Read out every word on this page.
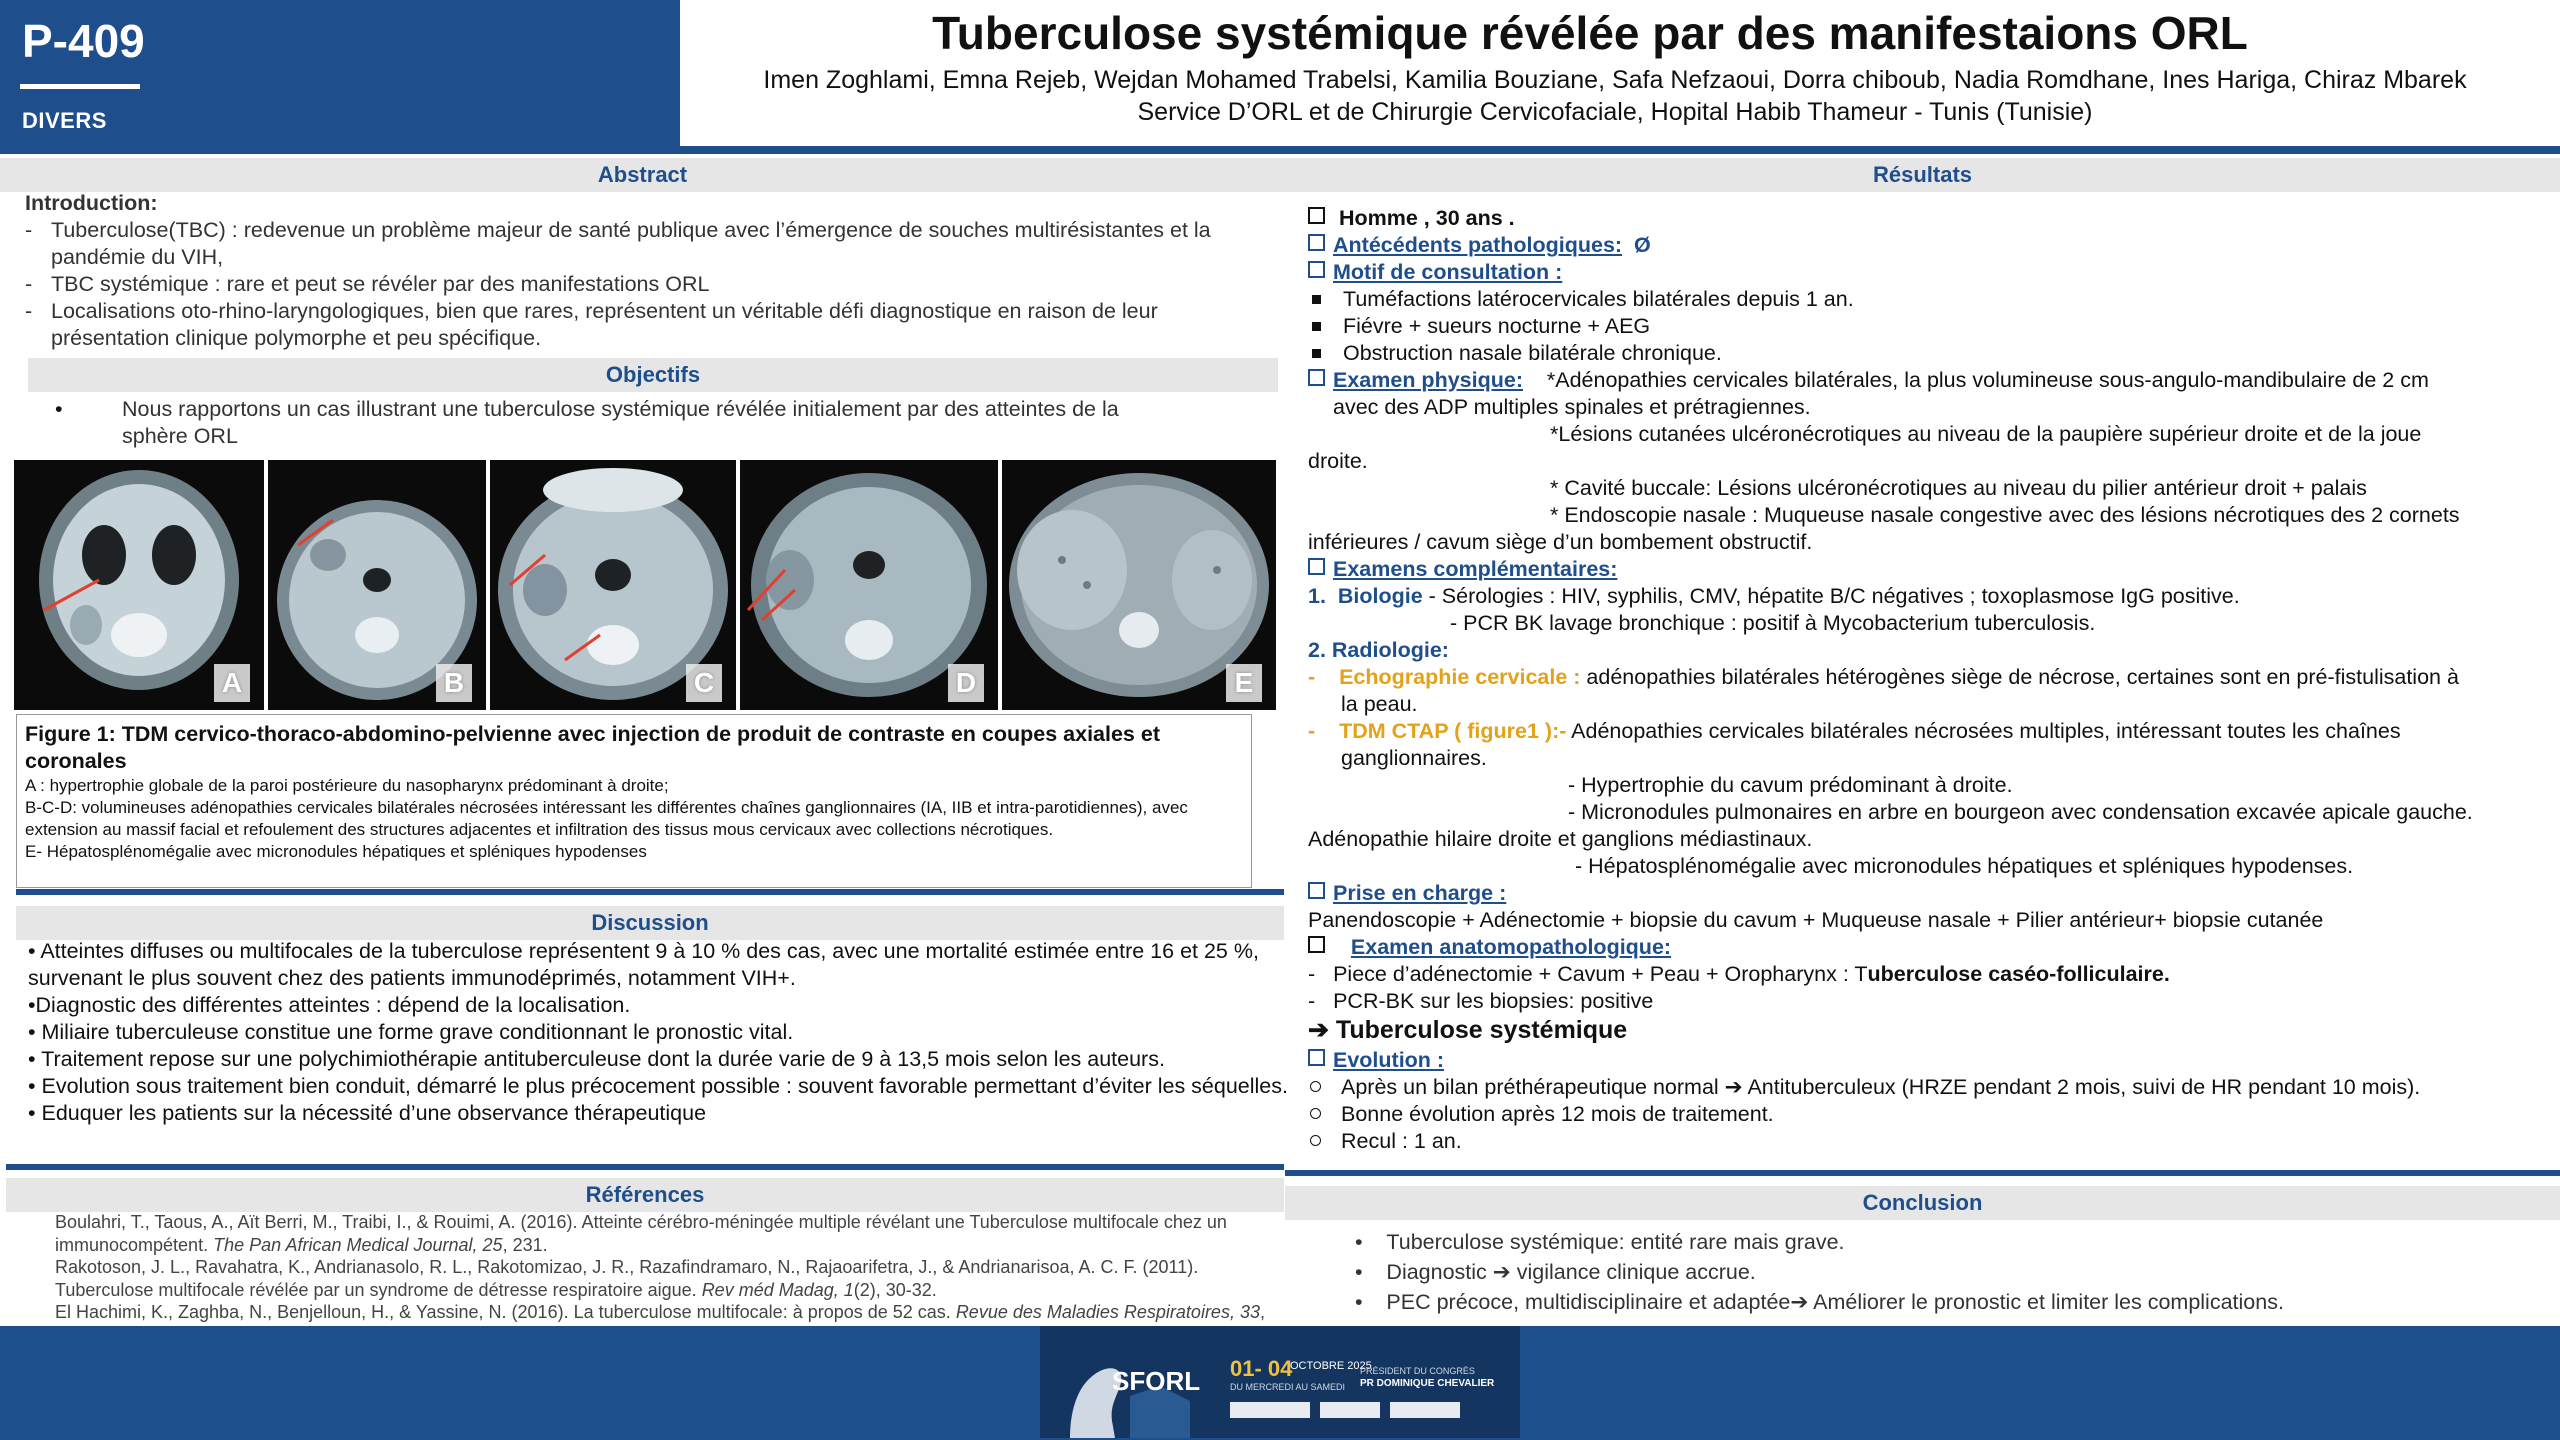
P-409
DIVERS
Tuberculose systémique révélée par des manifestaions ORL
Imen Zoghlami, Emna Rejeb, Wejdan Mohamed Trabelsi, Kamilia Bouziane, Safa Nefzaoui, Dorra chiboub, Nadia Romdhane, Ines Hariga, Chiraz Mbarek
Service D’ORL et de Chirurgie Cervicofaciale, Hopital Habib Thameur - Tunis (Tunisie)
Abstract
Introduction:
- Tuberculose(TBC) : redevenue un problème majeur de santé publique avec l’émergence de souches multirésistantes et la pandémie du VIH,
- TBC systémique : rare et peut se révéler par des manifestations ORL
- Localisations oto-rhino-laryngologiques, bien que rares, représentent un véritable défi diagnostique en raison de leur présentation clinique polymorphe et peu spécifique.
Objectifs
•	Nous rapportons un cas illustrant une tuberculose systémique révélée initialement par des atteintes de la sphère ORL
A	B	C	D	E
Figure 1: TDM cervico-thoraco-abdomino-pelvienne avec injection de produit de contraste en coupes axiales et coronales
A : hypertrophie globale de la paroi postérieure du nasopharynx prédominant à droite;
B-C-D: volumineuses adénopathies cervicales bilatérales nécrosées intéressant les différentes chaînes ganglionnaires (IA, IIB et intra-parotidiennes), avec extension au massif facial et refoulement des structures adjacentes et infiltration des tissus mous cervicaux avec collections nécrotiques.
E- Hépatosplénomégalie avec micronodules hépatiques et spléniques hypodenses
Discussion
• Atteintes diffuses ou multifocales de la tuberculose représentent 9 à 10 % des cas, avec une mortalité estimée entre 16 et 25 %, survenant le plus souvent chez des patients immunodéprimés, notamment VIH+.
•Diagnostic des différentes atteintes : dépend de la localisation.
• Miliaire tuberculeuse constitue une forme grave conditionnant le pronostic vital.
• Traitement repose sur une polychimiothérapie antituberculeuse dont la durée varie de 9 à 13,5 mois selon les auteurs.
• Evolution sous traitement bien conduit, démarré le plus précocement possible : souvent favorable permettant d’éviter les séquelles.
• Eduquer les patients sur la nécessité d’une observance thérapeutique
Références
Boulahri, T., Taous, A., Aït Berri, M., Traibi, I., & Rouimi, A. (2016). Atteinte cérébro-méningée multiple révélant une Tuberculose multifocale chez un immunocompétent. The Pan African Medical Journal, 25, 231.
Rakotoson, J. L., Ravahatra, K., Andrianasolo, R. L., Rakotomizao, J. R., Razafindramaro, N., Rajaoarifetra, J., & Andrianarisoa, A. C. F. (2011). Tuberculose multifocale révélée par un syndrome de détresse respiratoire aigue. Rev méd Madag, 1(2), 30-32.
El Hachimi, K., Zaghba, N., Benjelloun, H., & Yassine, N. (2016). La tuberculose multifocale: à propos de 52 cas. Revue des Maladies Respiratoires, 33,
Résultats
Homme , 30 ans .
Antécédents pathologiques: Ø
Motif de consultation :
Tuméfactions latérocervicales bilatérales depuis 1 an.
Fiévre + sueurs nocturne + AEG
Obstruction nasale bilatérale chronique.
Examen physique: *Adénopathies cervicales bilatérales, la plus volumineuse sous-angulo-mandibulaire de 2 cm
avec des ADP multiples spinales et prétragiennes.
*Lésions cutanées ulcéronécrotiques au niveau de la paupière supérieur droite et de la joue
droite.
* Cavité buccale: Lésions ulcéronécrotiques au niveau du pilier antérieur droit + palais
* Endoscopie nasale : Muqueuse nasale congestive avec des lésions nécrotiques des 2 cornets
inférieures / cavum siège d’un bombement obstructif.
Examens complémentaires:
1. Biologie - Sérologies : HIV, syphilis, CMV, hépatite B/C négatives ; toxoplasmose IgG positive.
- PCR BK lavage bronchique : positif à Mycobacterium tuberculosis.
2. Radiologie:
-    Echographie cervicale : adénopathies bilatérales hétérogènes siège de nécrose, certaines sont en pré-fistulisation à
la peau.
-    TDM CTAP ( figure1 ):- Adénopathies cervicales bilatérales nécrosées multiples, intéressant toutes les chaînes
ganglionnaires.
- Hypertrophie du cavum prédominant à droite.
- Micronodules pulmonaires en arbre en bourgeon avec condensation excavée apicale gauche.
Adénopathie hilaire droite et ganglions médiastinaux.
- Hépatosplénomégalie avec micronodules hépatiques et spléniques hypodenses.
Prise en charge :
Panendoscopie + Adénectomie + biopsie du cavum + Muqueuse nasale + Pilier antérieur+ biopsie cutanée
Examen anatomopathologique:
-   Piece d’adénectomie + Cavum + Peau + Oropharynx : Tuberculose caséo-folliculaire.
-   PCR-BK sur les biopsies: positive
➔ Tuberculose systémique
Evolution :
Après un bilan préthérapeutique normal ➔ Antituberculeux (HRZE pendant 2 mois, suivi de HR pendant 10 mois).
Bonne évolution après 12 mois de traitement.
Recul : 1 an.
Conclusion
•    Tuberculose systémique: entité rare mais grave.
•    Diagnostic ➔ vigilance clinique accrue.
•    PEC précoce, multidisciplinaire et adaptée➔ Améliorer le pronostic et limiter les complications.
SFORL 01- 04
OCTOBRE 2025
DU MERCREDI AU SAMEDI
PRÉSIDENT DU CONGRÈS
PR DOMINIQUE CHEVALIER
